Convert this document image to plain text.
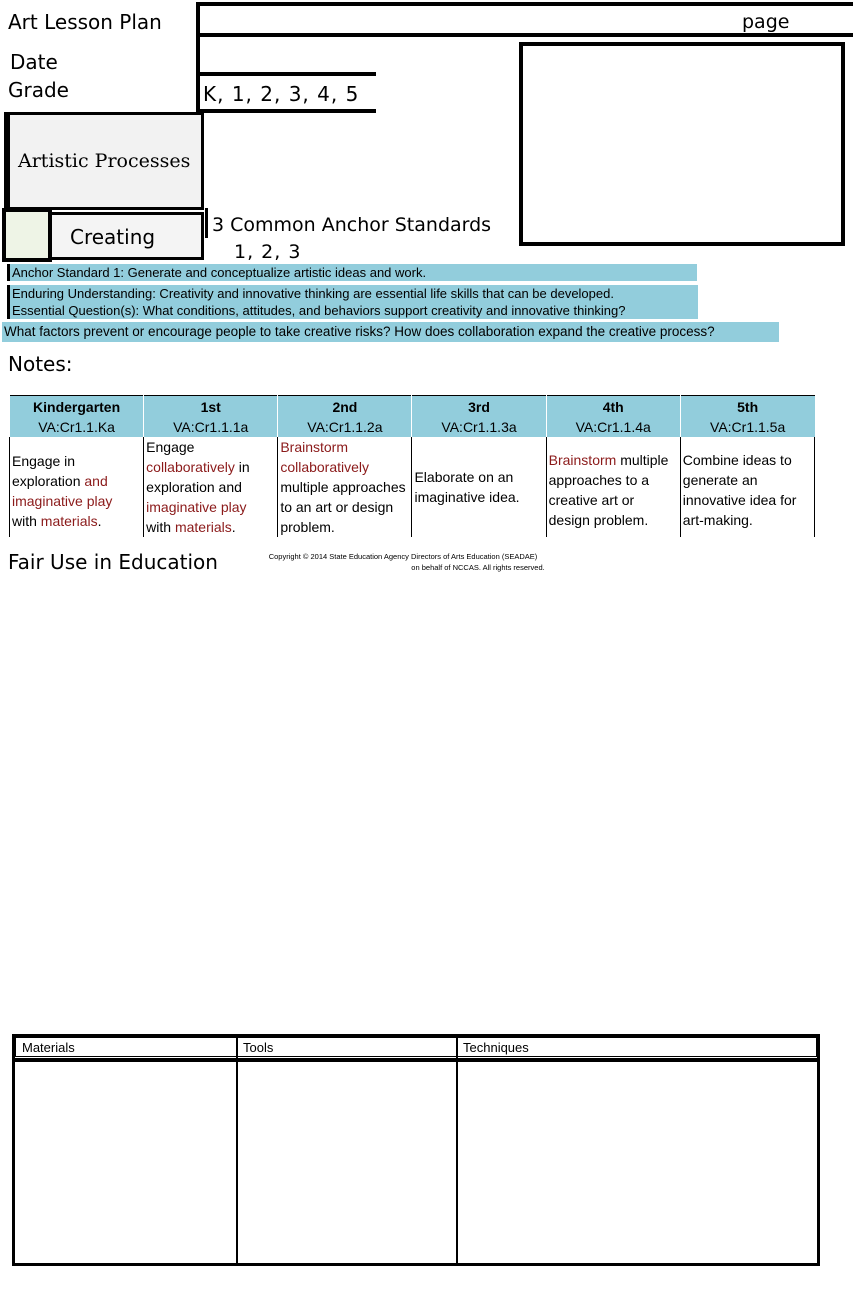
Art Lesson Plan
Date
Grade
page
K, 1, 2, 3, 4, 5
Artistic Processes
Creating	3 Common Anchor Standards
1, 2, 3
Anchor Standard 1: Generate and conceptualize artistic ideas and work.
Enduring Understanding: Creativity and innovative thinking are essential life skills that can be developed.
Essential Question(s): What conditions, attitudes, and behaviors support creativity and innovative thinking?
What factors prevent or encourage people to take creative risks? How does collaboration expand the creative process?
Notes:
Kindergarten	1st	2nd	3rd	4th	5th
VA:Cr1.1.Ka	VA:Cr1.1.1a	VA:Cr1.1.2a	VA:Cr1.1.3a	VA:Cr1.1.4a	VA:Cr1.1.5a
Engage in exploration and imaginative play with materials.	Engage collaboratively in exploration and imaginative play with materials.	Brainstorm collaboratively multiple approaches to an art or design problem.	Elaborate on an imaginative idea.	Brainstorm multiple approaches to a creative art or design problem.	Combine ideas to generate an innovative idea for art-making.
Fair Use in Education	Copyright © 2014 State Education Agency Directors of Arts Education (SEADAE)
on behalf of NCCAS. All rights reserved.
Materials	Tools	Techniques
